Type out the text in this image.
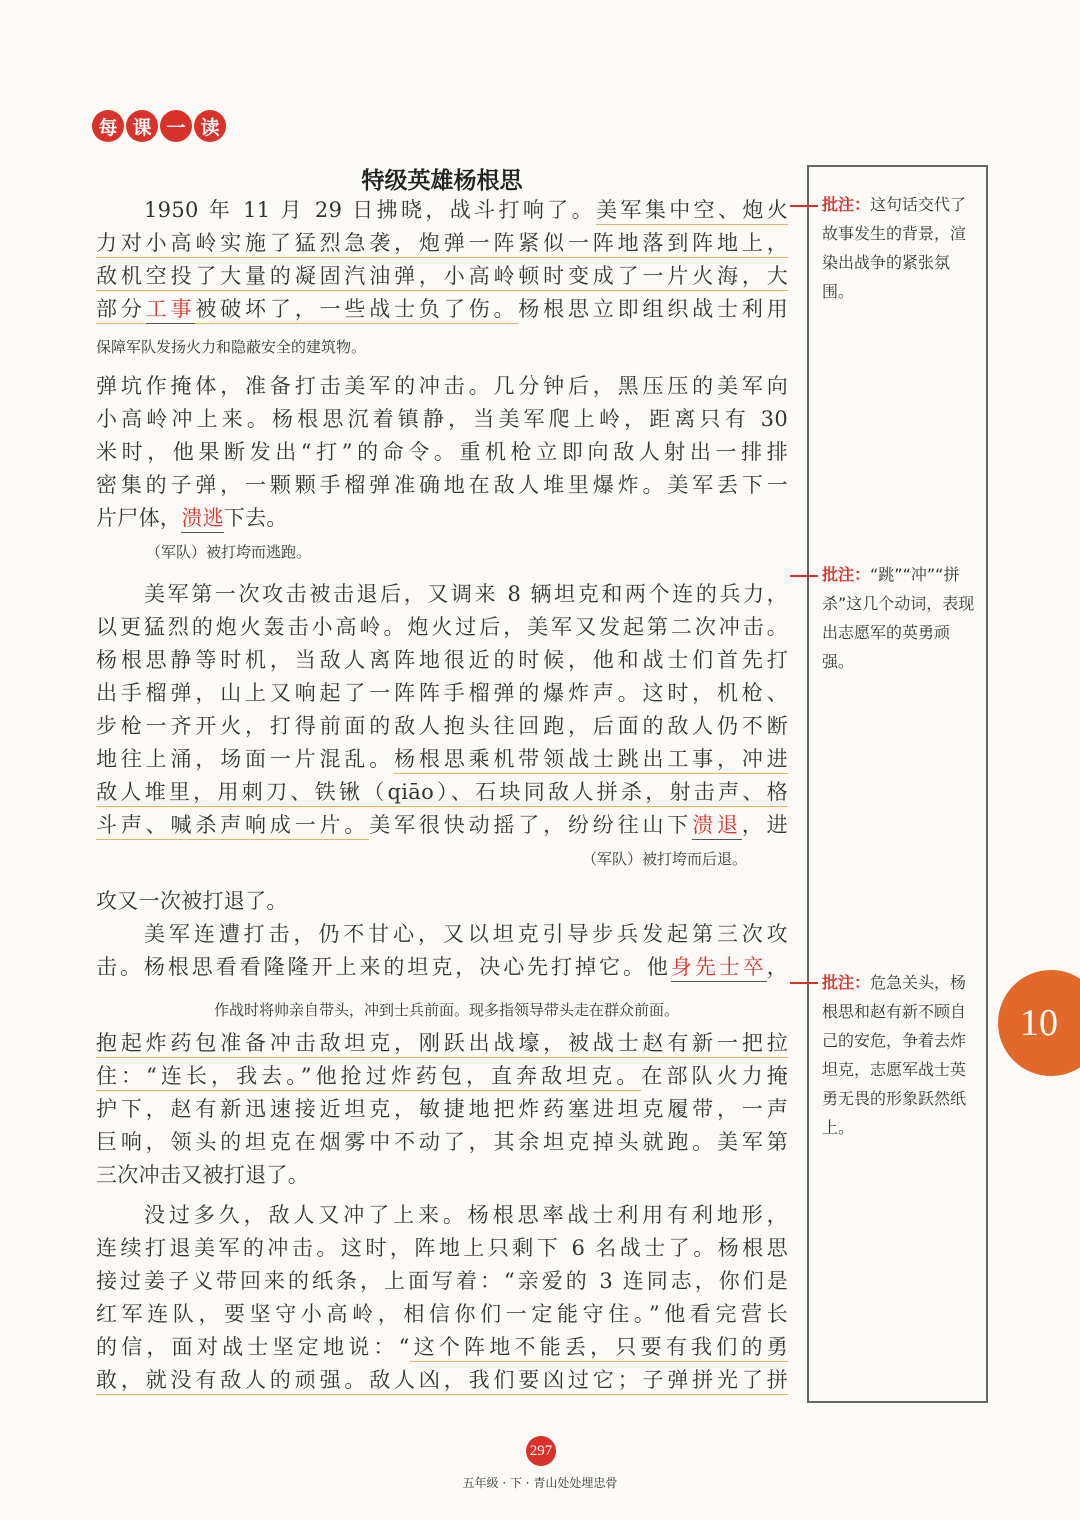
每 课 一 读
特级英雄杨根思
1950 年 11 月 29 日拂晓，战斗打响了。美军集中空、炮火
力对小高岭实施了猛烈急袭，炮弹一阵紧似一阵地落到阵地上，
敌机空投了大量的凝固汽油弹，小高岭顿时变成了一片火海，大
部分工事被破坏了，一些战士负了伤。杨根思立即组织战士利用
弹坑作掩体，准备打击美军的冲击。几分钟后，黑压压的美军向
小高岭冲上来。杨根思沉着镇静，当美军爬上岭，距离只有 30
米时，他果断发出“打”的命令。重机枪立即向敌人射出一排排
密集的子弹，一颗颗手榴弹准确地在敌人堆里爆炸。美军丢下一
片尸体，溃逃下去。
美军第一次攻击被击退后，又调来 8 辆坦克和两个连的兵力，
以更猛烈的炮火轰击小高岭。炮火过后，美军又发起第二次冲击。
杨根思静等时机，当敌人离阵地很近的时候，他和战士们首先打
出手榴弹，山上又响起了一阵阵手榴弹的爆炸声。这时，机枪、
步枪一齐开火，打得前面的敌人抱头往回跑，后面的敌人仍不断
地往上涌，场面一片混乱。杨根思乘机带领战士跳出工事，冲进
敌人堆里，用刺刀、铁锹（qiāo）、石块同敌人拼杀，射击声、格
斗声、喊杀声响成一片。美军很快动摇了，纷纷往山下溃退，进
攻又一次被打退了。
美军连遭打击，仍不甘心，又以坦克引导步兵发起第三次攻
击。杨根思看看隆隆开上来的坦克，决心先打掉它。他身先士卒，
抱起炸药包准备冲击敌坦克，刚跃出战壕，被战士赵有新一把拉
住：“连长，我去。”他抢过炸药包，直奔敌坦克。在部队火力掩
护下，赵有新迅速接近坦克，敏捷地把炸药塞进坦克履带，一声
巨响，领头的坦克在烟雾中不动了，其余坦克掉头就跑。美军第
三次冲击又被打退了。
没过多久，敌人又冲了上来。杨根思率战士利用有利地形，
连续打退美军的冲击。这时，阵地上只剩下 6 名战士了。杨根思
接过姜子义带回来的纸条，上面写着：“亲爱的 3 连同志，你们是
红军连队，要坚守小高岭，相信你们一定能守住。”他看完营长
的信，面对战士坚定地说：“这个阵地不能丢，只要有我们的勇
敢，就没有敌人的顽强。敌人凶，我们要凶过它；子弹拼光了拼
保障军队发扬火力和隐蔽安全的建筑物。
（军队）被打垮而逃跑。
（军队）被打垮而后退。
作战时将帅亲自带头，冲到士兵前面。现多指领导带头走在群众前面。
批注：这句话交代了故事发生的背景，渲染出战争的紧张氛围。
批注：“跳”“冲”“拼杀”这几个动词，表现出志愿军的英勇顽强。
批注：危急关头，杨根思和赵有新不顾自己的安危，争着去炸坦克，志愿军战士英勇无畏的形象跃然纸上。
10
297
五年级 · 下 · 青山处处埋忠骨
